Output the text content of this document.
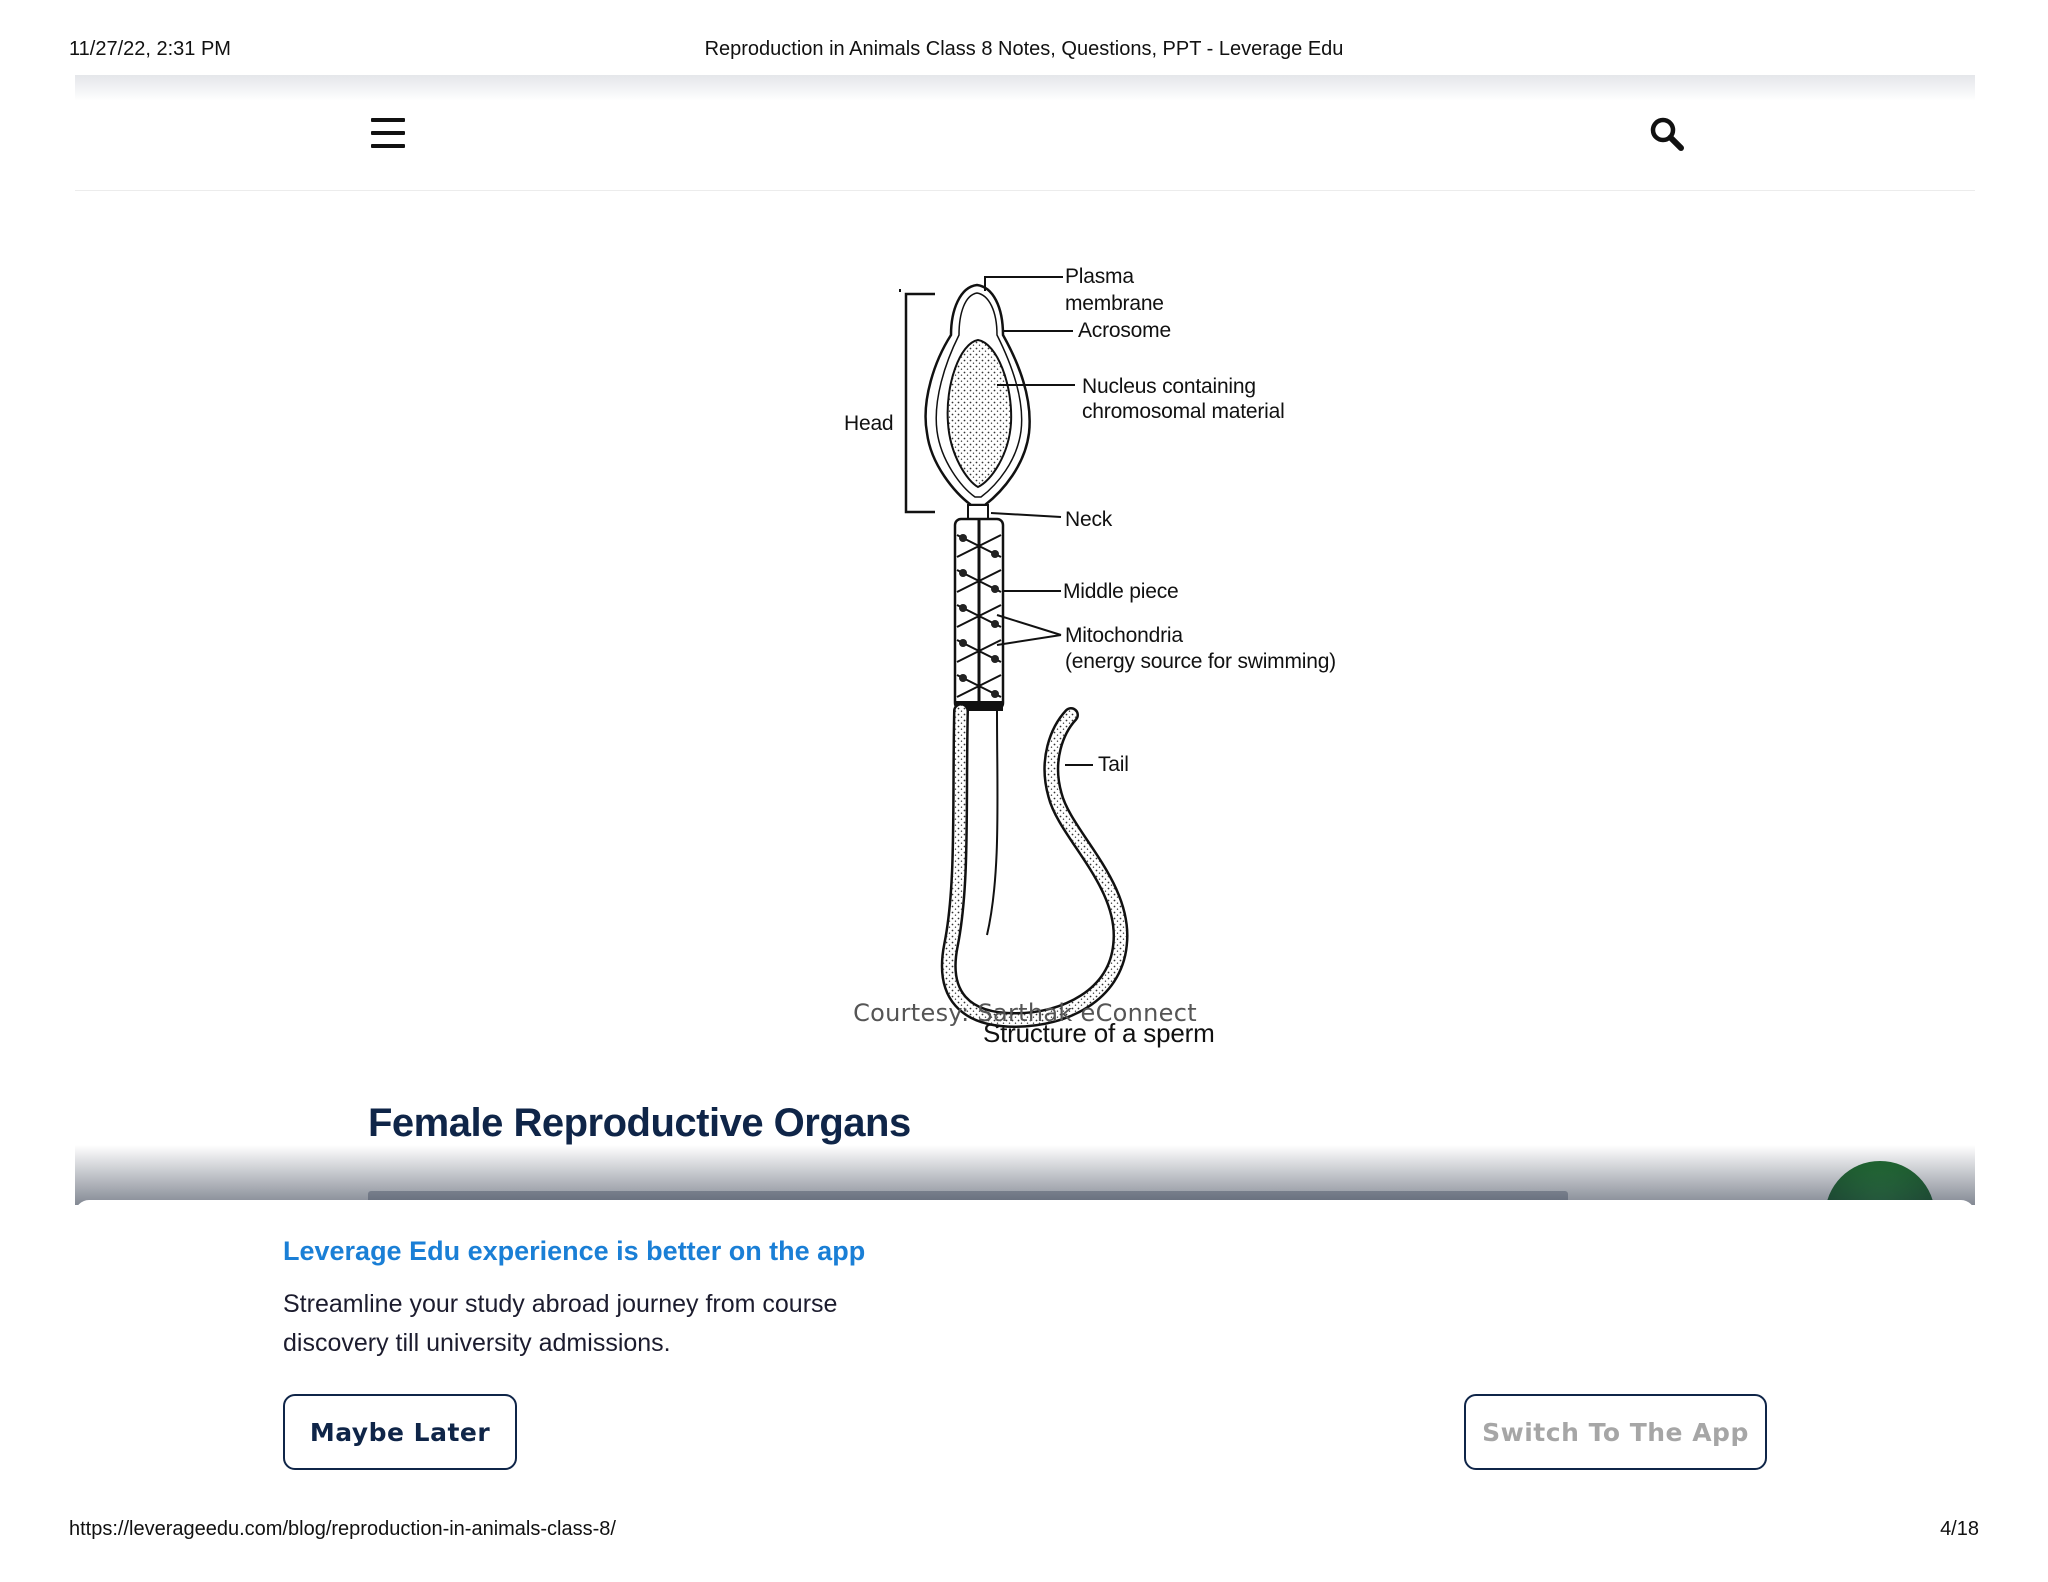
11/27/22, 2:31 PM	Reproduction in Animals Class 8 Notes, Questions, PPT - Leverage Edu
Plasma
membrane
Acrosome
Nucleus containing
chromosomal material
Head
Neck
Middle piece
Mitochondria
(energy source for swimming)
Tail
Structure of a sperm
Courtesy: Sarthak eConnect
Female Reproductive Organs
Leverage Edu experience is better on the app
Streamline your study abroad journey from course discovery till university admissions.
Maybe Later	Switch To The App
https://leverageedu.com/blog/reproduction-in-animals-class-8/	4/18
